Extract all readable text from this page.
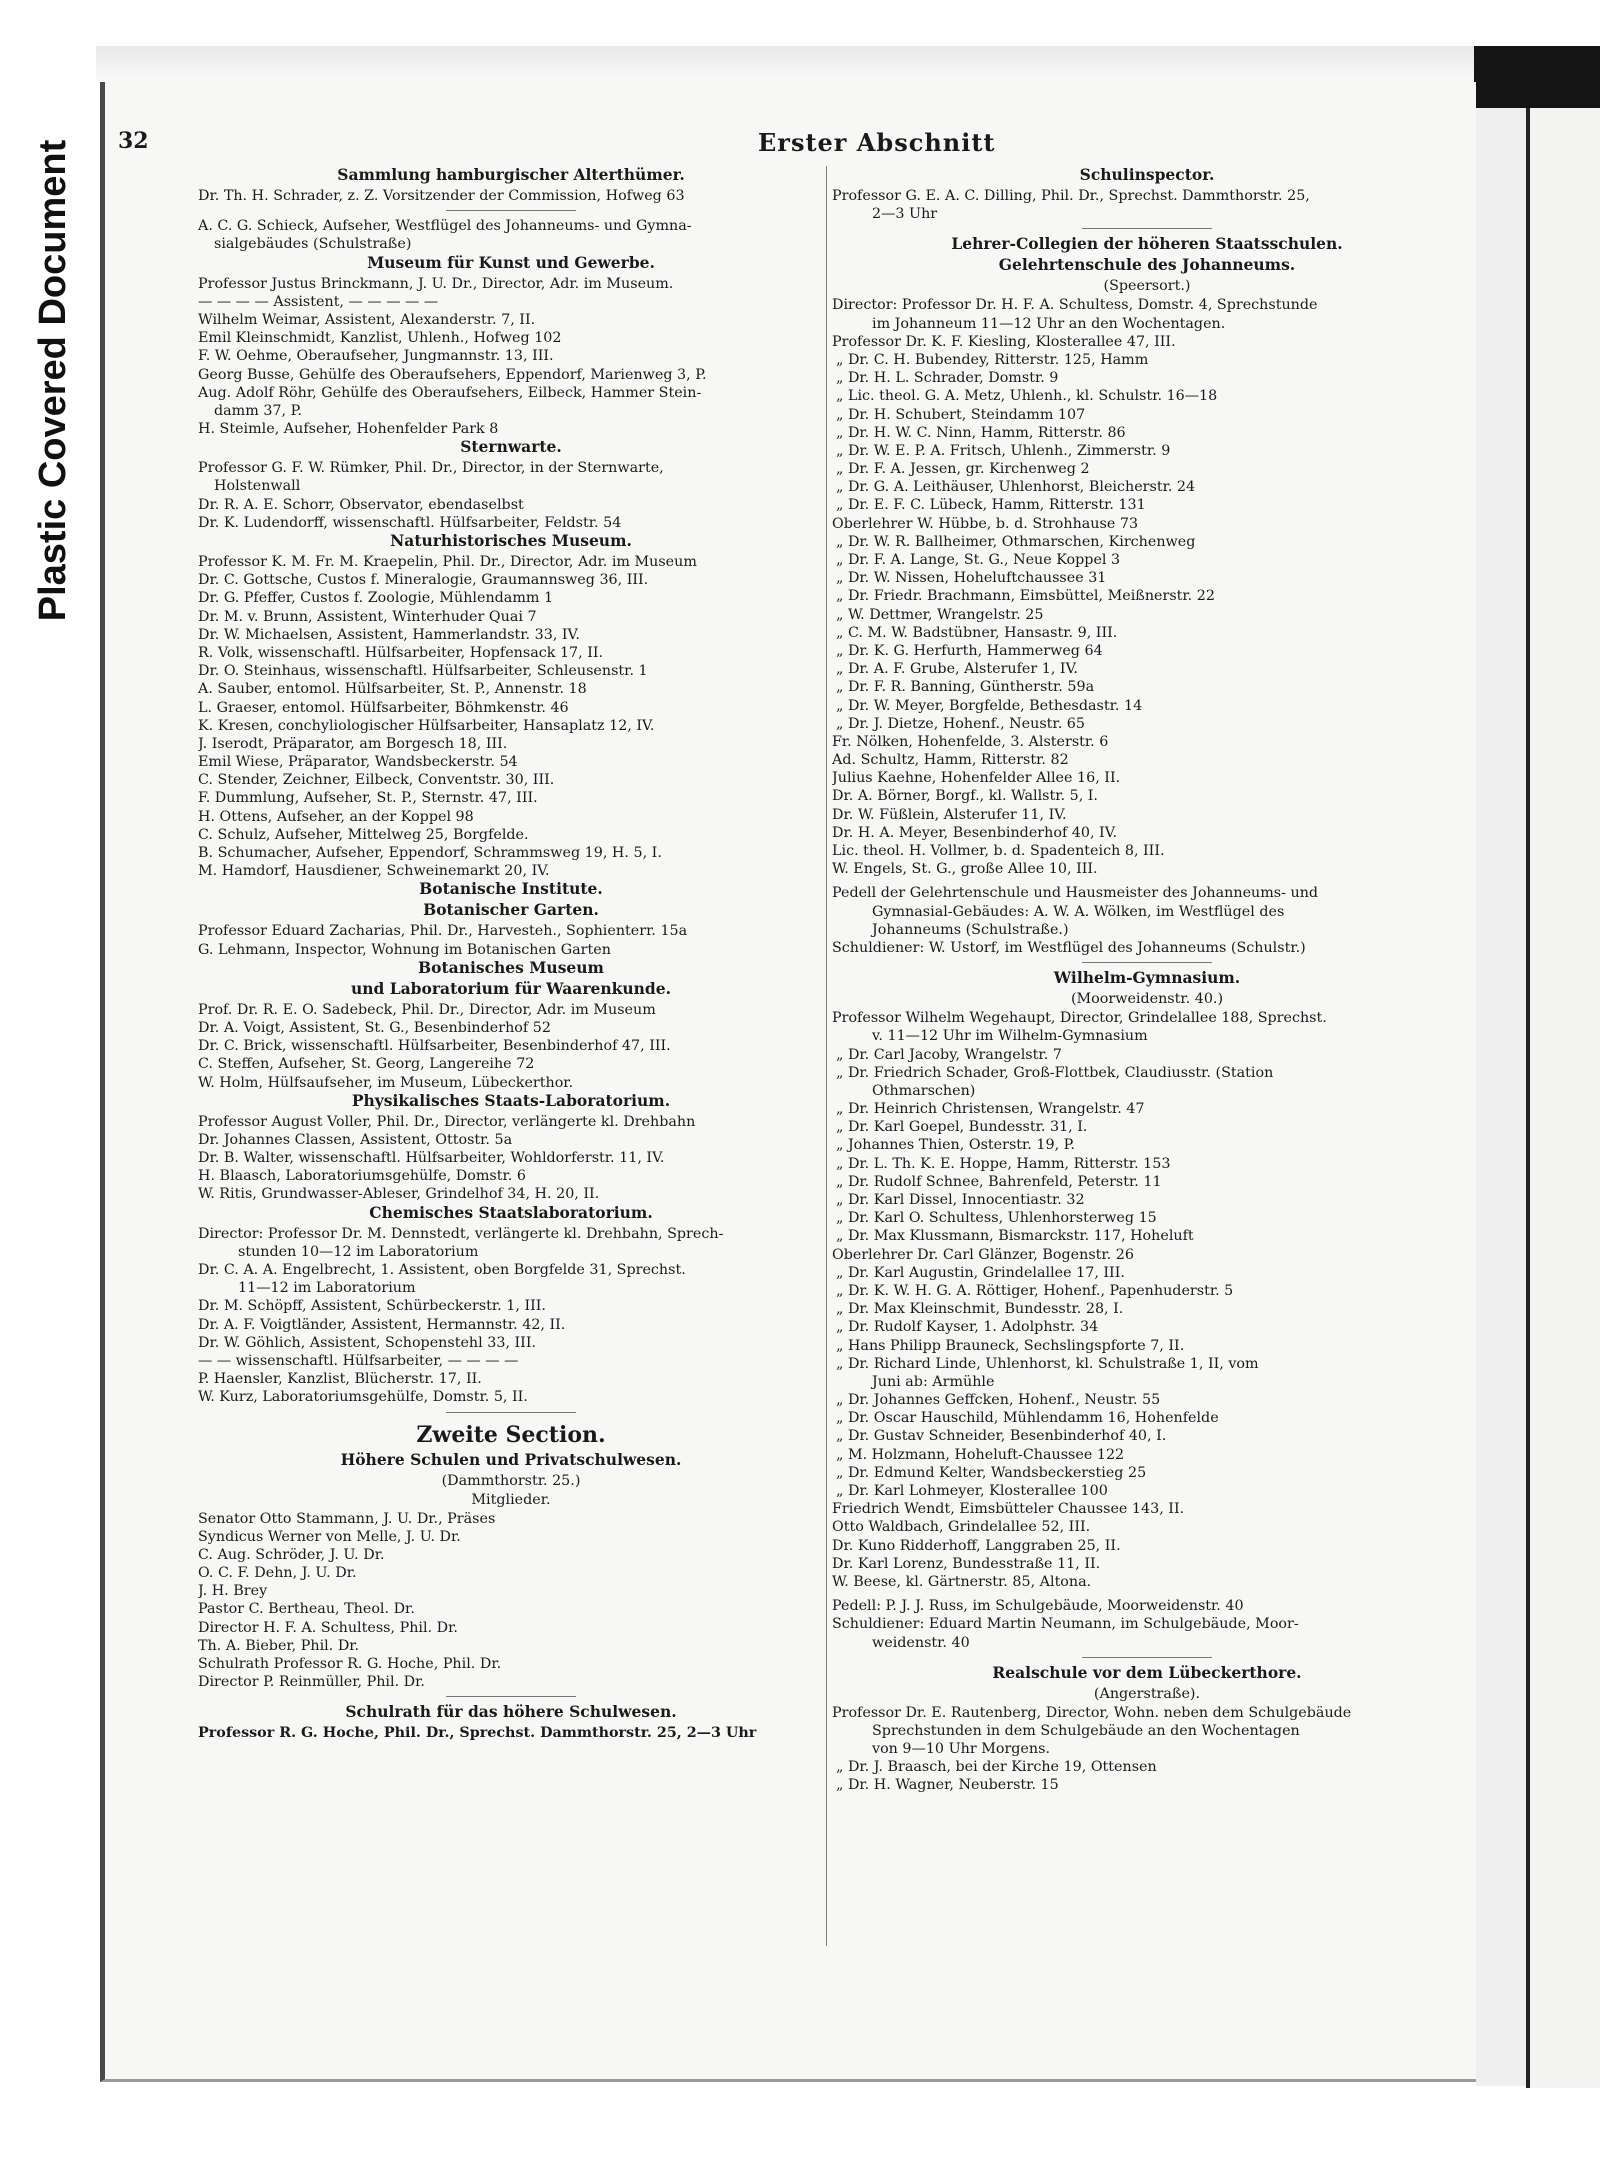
Plastic Covered Document 32	Erster Abschnitt
Sammlung hamburgischer Alterthümer.
Dr. Th. H. Schrader, z. Z. Vorsitzender der Commission, Hofweg 63
A. C. G. Schieck, Aufseher, Westflügel des Johanneums- und Gymna-
sialgebäudes (Schulstraße)
Museum für Kunst und Gewerbe.
Professor Justus Brinckmann, J. U. Dr., Director, Adr. im Museum.
— — — — Assistent, — — — — —
Wilhelm Weimar, Assistent, Alexanderstr. 7, II.
Emil Kleinschmidt, Kanzlist, Uhlenh., Hofweg 102
F. W. Oehme, Oberaufseher, Jungmannstr. 13, III.
Georg Busse, Gehülfe des Oberaufsehers, Eppendorf, Marienweg 3, P.
Aug. Adolf Röhr, Gehülfe des Oberaufsehers, Eilbeck, Hammer Stein-
damm 37, P.
H. Steimle, Aufseher, Hohenfelder Park 8
Sternwarte.
Professor G. F. W. Rümker, Phil. Dr., Director, in der Sternwarte,
Holstenwall
Dr. R. A. E. Schorr, Observator, ebendaselbst
Dr. K. Ludendorff, wissenschaftl. Hülfsarbeiter, Feldstr. 54
Naturhistorisches Museum.
Professor K. M. Fr. M. Kraepelin, Phil. Dr., Director, Adr. im Museum
Dr. C. Gottsche, Custos f. Mineralogie, Graumannsweg 36, III.
Dr. G. Pfeffer, Custos f. Zoologie, Mühlendamm 1
Dr. M. v. Brunn, Assistent, Winterhuder Quai 7
Dr. W. Michaelsen, Assistent, Hammerlandstr. 33, IV.
R. Volk, wissenschaftl. Hülfsarbeiter, Hopfensack 17, II.
Dr. O. Steinhaus, wissenschaftl. Hülfsarbeiter, Schleusenstr. 1
A. Sauber, entomol. Hülfsarbeiter, St. P., Annenstr. 18
L. Graeser, entomol. Hülfsarbeiter, Böhmkenstr. 46
K. Kresen, conchyliologischer Hülfsarbeiter, Hansaplatz 12, IV.
J. Iserodt, Präparator, am Borgesch 18, III.
Emil Wiese, Präparator, Wandsbeckerstr. 54
C. Stender, Zeichner, Eilbeck, Conventstr. 30, III.
F. Dummlung, Aufseher, St. P., Sternstr. 47, III.
H. Ottens, Aufseher, an der Koppel 98
C. Schulz, Aufseher, Mittelweg 25, Borgfelde.
B. Schumacher, Aufseher, Eppendorf, Schrammsweg 19, H. 5, I.
M. Hamdorf, Hausdiener, Schweinemarkt 20, IV.
Botanische Institute.
Botanischer Garten.
Professor Eduard Zacharias, Phil. Dr., Harvesteh., Sophienterr. 15a
G. Lehmann, Inspector, Wohnung im Botanischen Garten
Botanisches Museum
und Laboratorium für Waarenkunde.
Prof. Dr. R. E. O. Sadebeck, Phil. Dr., Director, Adr. im Museum
Dr. A. Voigt, Assistent, St. G., Besenbinderhof 52
Dr. C. Brick, wissenschaftl. Hülfsarbeiter, Besenbinderhof 47, III.
C. Steffen, Aufseher, St. Georg, Langereihe 72
W. Holm, Hülfsaufseher, im Museum, Lübeckerthor.
Physikalisches Staats-Laboratorium.
Professor August Voller, Phil. Dr., Director, verlängerte kl. Drehbahn
Dr. Johannes Classen, Assistent, Ottostr. 5a
Dr. B. Walter, wissenschaftl. Hülfsarbeiter, Wohldorferstr. 11, IV.
H. Blaasch, Laboratoriumsgehülfe, Domstr. 6
W. Ritis, Grundwasser-Ableser, Grindelhof 34, H. 20, II.
Chemisches Staatslaboratorium.
Director: Professor Dr. M. Dennstedt, verlängerte kl. Drehbahn, Sprech-
stunden 10—12 im Laboratorium
Dr. C. A. A. Engelbrecht, 1. Assistent, oben Borgfelde 31, Sprechst.
11—12 im Laboratorium
Dr. M. Schöpff, Assistent, Schürbeckerstr. 1, III.
Dr. A. F. Voigtländer, Assistent, Hermannstr. 42, II.
Dr. W. Göhlich, Assistent, Schopenstehl 33, III.
— — wissenschaftl. Hülfsarbeiter, — — — —
P. Haensler, Kanzlist, Blücherstr. 17, II.
W. Kurz, Laboratoriumsgehülfe, Domstr. 5, II.
Zweite Section.
Höhere Schulen und Privatschulwesen.
(Dammthorstr. 25.)
Mitglieder.
Senator Otto Stammann, J. U. Dr., Präses
Syndicus Werner von Melle, J. U. Dr.
C. Aug. Schröder, J. U. Dr.
O. C. F. Dehn, J. U. Dr.
J. H. Brey
Pastor C. Bertheau, Theol. Dr.
Director H. F. A. Schultess, Phil. Dr.
Th. A. Bieber, Phil. Dr.
Schulrath Professor R. G. Hoche, Phil. Dr.
Director P. Reinmüller, Phil. Dr.
Schulrath für das höhere Schulwesen.
Professor R. G. Hoche, Phil. Dr., Sprechst. Dammthorstr. 25, 2—3 Uhr
Schulinspector.
Professor G. E. A. C. Dilling, Phil. Dr., Sprechst. Dammthorstr. 25,
2—3 Uhr
Lehrer-Collegien der höheren Staatsschulen.
Gelehrtenschule des Johanneums.
(Speersort.)
Director: Professor Dr. H. F. A. Schultess, Domstr. 4, Sprechstunde
im Johanneum 11—12 Uhr an den Wochentagen.
Professor Dr. K. F. Kiesling, Klosterallee 47, III.
„ Dr. C. H. Bubendey, Ritterstr. 125, Hamm
„ Dr. H. L. Schrader, Domstr. 9
„ Lic. theol. G. A. Metz, Uhlenh., kl. Schulstr. 16—18
„ Dr. H. Schubert, Steindamm 107
„ Dr. H. W. C. Ninn, Hamm, Ritterstr. 86
„ Dr. W. E. P. A. Fritsch, Uhlenh., Zimmerstr. 9
„ Dr. F. A. Jessen, gr. Kirchenweg 2
„ Dr. G. A. Leithäuser, Uhlenhorst, Bleicherstr. 24
„ Dr. E. F. C. Lübeck, Hamm, Ritterstr. 131
Oberlehrer W. Hübbe, b. d. Strohhause 73
„ Dr. W. R. Ballheimer, Othmarschen, Kirchenweg
„ Dr. F. A. Lange, St. G., Neue Koppel 3
„ Dr. W. Nissen, Hoheluftchaussee 31
„ Dr. Friedr. Brachmann, Eimsbüttel, Meißnerstr. 22
„ W. Dettmer, Wrangelstr. 25
„ C. M. W. Badstübner, Hansastr. 9, III.
„ Dr. K. G. Herfurth, Hammerweg 64
„ Dr. A. F. Grube, Alsterufer 1, IV.
„ Dr. F. R. Banning, Güntherstr. 59a
„ Dr. W. Meyer, Borgfelde, Bethesdastr. 14
„ Dr. J. Dietze, Hohenf., Neustr. 65
Fr. Nölken, Hohenfelde, 3. Alsterstr. 6
Ad. Schultz, Hamm, Ritterstr. 82
Julius Kaehne, Hohenfelder Allee 16, II.
Dr. A. Börner, Borgf., kl. Wallstr. 5, I.
Dr. W. Füßlein, Alsterufer 11, IV.
Dr. H. A. Meyer, Besenbinderhof 40, IV.
Lic. theol. H. Vollmer, b. d. Spadenteich 8, III.
W. Engels, St. G., große Allee 10, III.
Pedell der Gelehrtenschule und Hausmeister des Johanneums- und
Gymnasial-Gebäudes: A. W. A. Wölken, im Westflügel des
Johanneums (Schulstraße.)
Schuldiener: W. Ustorf, im Westflügel des Johanneums (Schulstr.)
Wilhelm-Gymnasium.
(Moorweidenstr. 40.)
Professor Wilhelm Wegehaupt, Director, Grindelallee 188, Sprechst.
v. 11—12 Uhr im Wilhelm-Gymnasium
„ Dr. Carl Jacoby, Wrangelstr. 7
„ Dr. Friedrich Schader, Groß-Flottbek, Claudiusstr. (Station
Othmarschen)
„ Dr. Heinrich Christensen, Wrangelstr. 47
„ Dr. Karl Goepel, Bundesstr. 31, I.
„ Johannes Thien, Osterstr. 19, P.
„ Dr. L. Th. K. E. Hoppe, Hamm, Ritterstr. 153
„ Dr. Rudolf Schnee, Bahrenfeld, Peterstr. 11
„ Dr. Karl Dissel, Innocentiastr. 32
„ Dr. Karl O. Schultess, Uhlenhorsterweg 15
„ Dr. Max Klussmann, Bismarckstr. 117, Hoheluft
Oberlehrer Dr. Carl Glänzer, Bogenstr. 26
„ Dr. Karl Augustin, Grindelallee 17, III.
„ Dr. K. W. H. G. A. Röttiger, Hohenf., Papenhuderstr. 5
„ Dr. Max Kleinschmit, Bundesstr. 28, I.
„ Dr. Rudolf Kayser, 1. Adolphstr. 34
„ Hans Philipp Brauneck, Sechslingspforte 7, II.
„ Dr. Richard Linde, Uhlenhorst, kl. Schulstraße 1, II, vom
Juni ab: Armühle
„ Dr. Johannes Geffcken, Hohenf., Neustr. 55
„ Dr. Oscar Hauschild, Mühlendamm 16, Hohenfelde
„ Dr. Gustav Schneider, Besenbinderhof 40, I.
„ M. Holzmann, Hoheluft-Chaussee 122
„ Dr. Edmund Kelter, Wandsbeckerstieg 25
„ Dr. Karl Lohmeyer, Klosterallee 100
Friedrich Wendt, Eimsbütteler Chaussee 143, II.
Otto Waldbach, Grindelallee 52, III.
Dr. Kuno Ridderhoff, Langgraben 25, II.
Dr. Karl Lorenz, Bundesstraße 11, II.
W. Beese, kl. Gärtnerstr. 85, Altona.
Pedell: P. J. J. Russ, im Schulgebäude, Moorweidenstr. 40
Schuldiener: Eduard Martin Neumann, im Schulgebäude, Moor-
weidenstr. 40
Realschule vor dem Lübeckerthore.
(Angerstraße).
Professor Dr. E. Rautenberg, Director, Wohn. neben dem Schulgebäude
Sprechstunden in dem Schulgebäude an den Wochentagen
von 9—10 Uhr Morgens.
„ Dr. J. Braasch, bei der Kirche 19, Ottensen
„ Dr. H. Wagner, Neuberstr. 15
